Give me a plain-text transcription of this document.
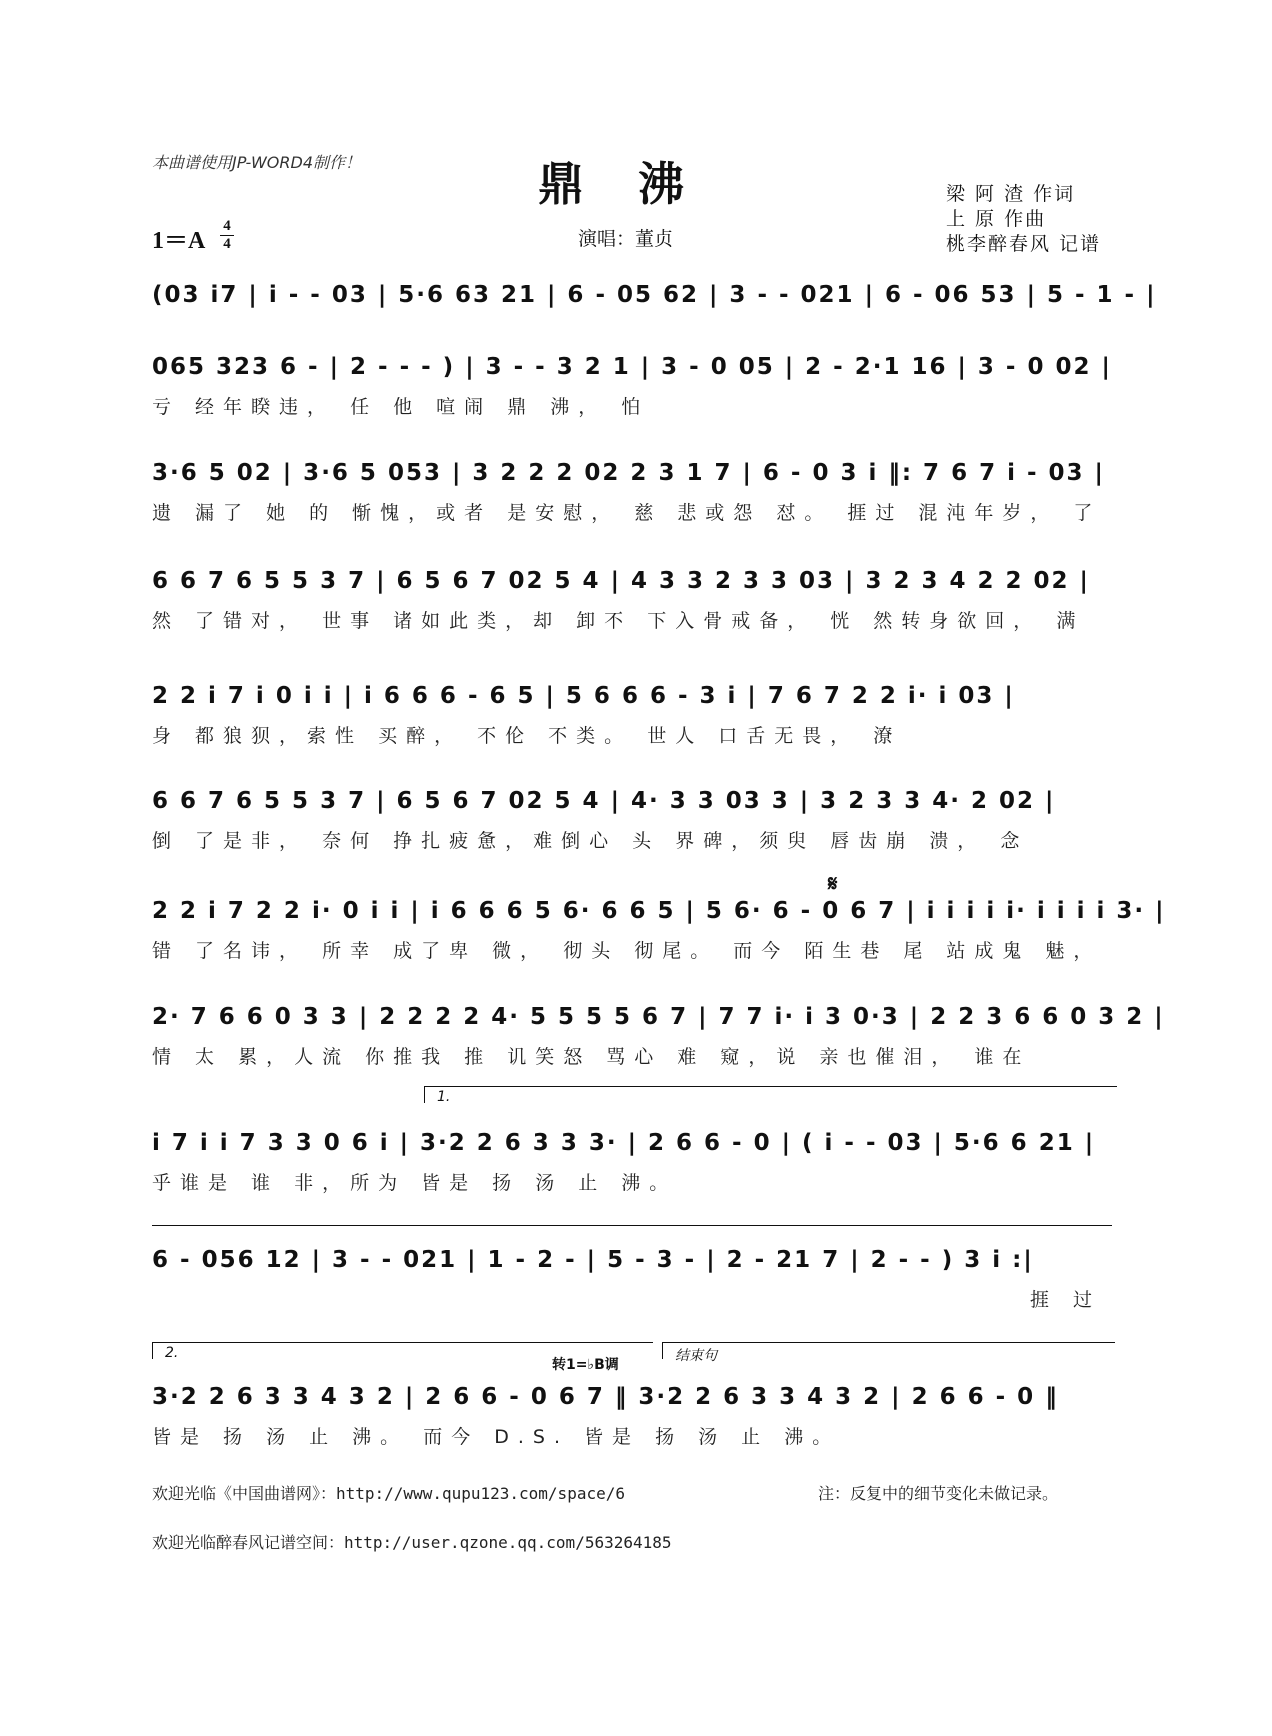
本曲谱使用JP-WORD4制作！	鼎沸
1＝A
4
4	演唱：董贞
梁 阿 渣 作词
上 原 作曲
桃李醉春风 记谱
(03 i7 | i - - 03 | 5·6 63 21 | 6 - 05 62 | 3 - - 021 | 6 - 06 53 | 5 - 1 - |
065 323 6 - | 2 - - - ) | 3 - - 3 2 1 | 3 - 0 05 | 2 - 2·1 16 | 3 - 0 02 |
亏 经年睽违， 任 他 喧闹 鼎 沸， 怕
3·6 5 02 | 3·6 5 053 | 3 2 2 2 02 2 3 1 7 | 6 - 0 3 i ‖: 7 6 7 i - 03 |
遗 漏了 她 的 惭愧，或者 是安慰， 慈 悲或怨 怼。 捱过 混沌年岁， 了
6 6 7 6 5 5 3 7 | 6 5 6 7 02 5 4 | 4 3 3 2 3 3 03 | 3 2 3 4 2 2 02 |
然 了错对， 世事 诸如此类，却 卸不 下入骨戒备， 恍 然转身欲回， 满
2 2 i 7 i 0 i i | i 6 6 6 - 6 5 | 5 6 6 6 - 3 i | 7 6 7 2 2 i· i 03 |
身 都狼狈，索性 买醉， 不伦 不类。 世人 口舌无畏， 潦
6 6 7 6 5 5 3 7 | 6 5 6 7 02 5 4 | 4· 3 3 03 3 | 3 2 3 3 4· 2 02 |
倒 了是非， 奈何 挣扎疲惫，难倒心 头 界碑，须臾 唇齿崩 溃， 念
𝄋
2 2 i 7 2 2 i· 0 i i | i 6 6 6 5 6· 6 6 5 | 5 6· 6 - 0 6 7 | i i i i i· i i i i 3· |
错 了名讳， 所幸 成了卑 微， 彻头 彻尾。 而今 陌生巷 尾 站成鬼 魅，
2· 7 6 6 0 3 3 | 2 2 2 2 4· 5 5 5 5 6 7 | 7 7 i· i 3 0·3 | 2 2 3 6 6 0 3 2 |
情 太 累，人流 你推我 推 讥笑怒 骂心 难 窥，说 亲也催泪， 谁在
1.
i 7 i i 7 3 3 0 6 i | 3·2 2 6 3 3 3· | 2 6 6 - 0 | ( i - - 03 | 5·6 6 21 |
乎谁是 谁 非，所为 皆是 扬 汤 止 沸。
6 - 056 12 | 3 - - 021 | 1 - 2 - | 5 - 3 - | 2 - 21 7 | 2 - - ) 3 i :|
捱 过
2.	结束句
转1=♭B调
3·2 2 6 3 3 4 3 2 | 2 6 6 - 0 6 7 ‖ 3·2 2 6 3 3 4 3 2 | 2 6 6 - 0 ‖
皆是 扬 汤 止 沸。 而今 D.S. 皆是 扬 汤 止 沸。
欢迎光临《中国曲谱网》：http://www.qupu123.com/space/6	注：反复中的细节变化未做记录。
欢迎光临醉春风记谱空间：http://user.qzone.qq.com/563264185
